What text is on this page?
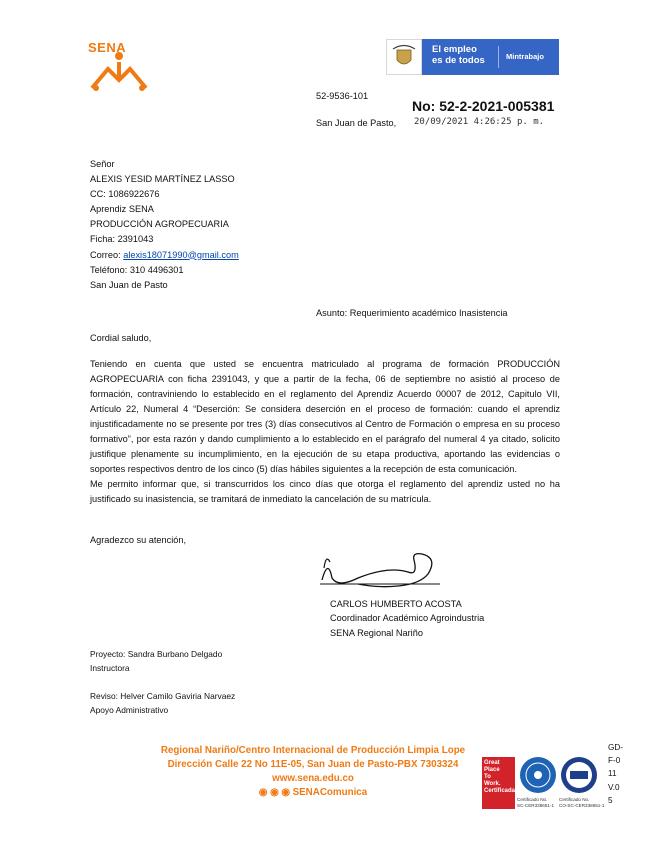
SENA	El empleo
es de todos	Mintrabajo
52-9536-101
No: 52-2-2021-005381
San Juan de Pasto, 20/09/2021 4:26:25 p. m.
Señor
ALEXIS YESID MARTÍNEZ LASSO
CC: 1086922676
Aprendiz SENA
PRODUCCIÓN AGROPECUARIA
Ficha: 2391043
Correo: alexis18071990@gmail.com
Teléfono: 310 4496301
San Juan de Pasto
Asunto: Requerimiento académico Inasistencia
Cordial saludo,

Teniendo en cuenta que usted se encuentra matriculado al programa de formación PRODUCCIÓN AGROPECUARIA con ficha 2391043, y que a partir de la fecha, 06 de septiembre no asistió al proceso de formación, contraviniendo lo establecido en el reglamento del Aprendiz Acuerdo 00007 de 2012, Capitulo VII, Artículo 22, Numeral 4 “Deserción: Se considera deserción en el proceso de formación: cuando el aprendiz injustificadamente no se presente por tres (3) días consecutivos al Centro de Formación o empresa en su proceso formativo”, por esta razón y dando cumplimiento a lo establecido en el parágrafo del numeral 4 ya citado, solicito justifique plenamente su incumplimiento, en la ejecución de su etapa productiva, aportando las evidencias o soportes respectivos dentro de los cinco (5) días hábiles siguientes a la recepción de esta comunicación.

Me permito informar que, si transcurridos los cinco días que otorga el reglamento del aprendiz usted no ha justificado su inasistencia, se tramitará de inmediato la cancelación de su matrícula.

Agradezco su atención,
CARLOS HUMBERTO ACOSTA
Coordinador Académico Agroindustria
SENA Regional Nariño
Proyecto: Sandra Burbano Delgado
Instructora
Reviso: Helver Camilo Gaviria Narvaez
Apoyo Administrativo
Regional Nariño/Centro Internacional de Producción Limpia Lope
Dirección Calle 22 No 11E-05, San Juan de Pasto-PBX 7303324
www.sena.edu.co
◉ ◉ ◉ SENAComunica
Great
Place
To
Work.
Certificada
Certificado No.
SC-CER338651-1
Certificado No.
CO-SC-CER338651-1
GD-F-011 V.05
